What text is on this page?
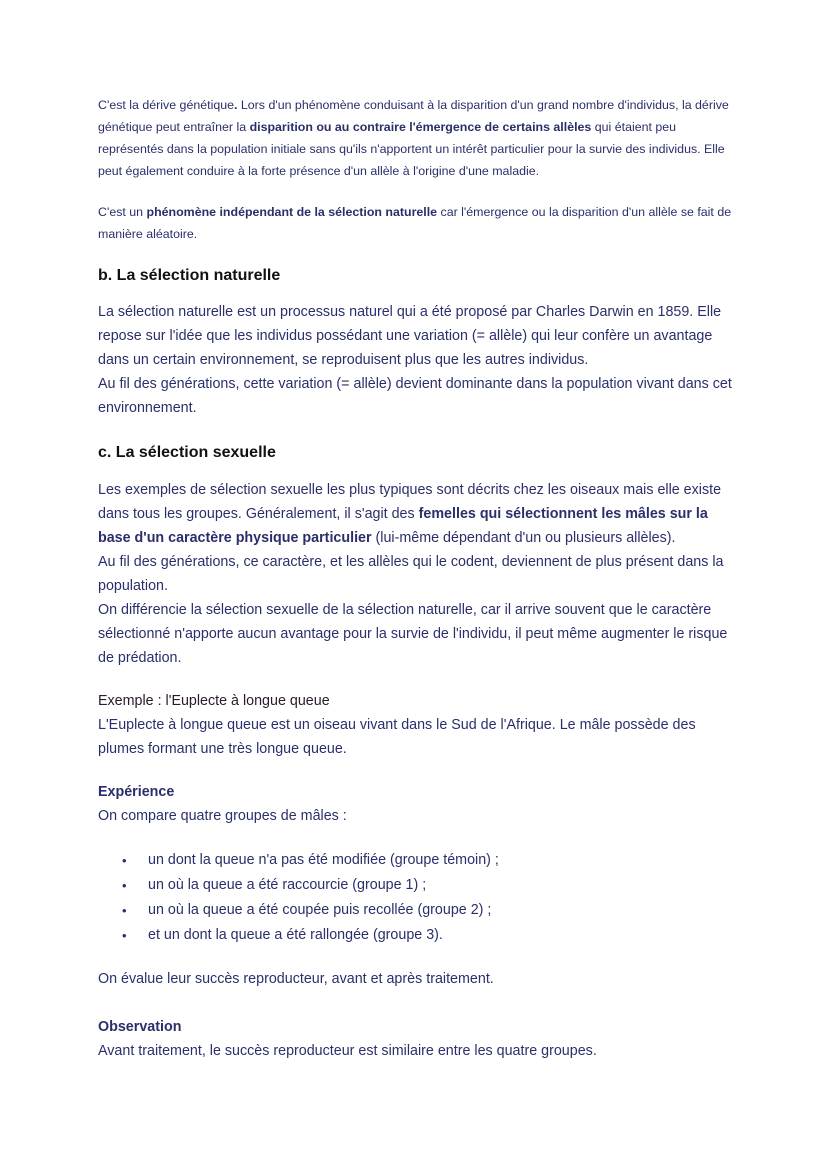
C'est la dérive génétique. Lors d'un phénomène conduisant à la disparition d'un grand nombre d'individus, la dérive génétique peut entraîner la disparition ou au contraire l'émergence de certains allèles qui étaient peu représentés dans la population initiale sans qu'ils n'apportent un intérêt particulier pour la survie des individus. Elle peut également conduire à la forte présence d'un allèle à l'origine d'une maladie.

C'est un phénomène indépendant de la sélection naturelle car l'émergence ou la disparition d'un allèle se fait de manière aléatoire.

b. La sélection naturelle

La sélection naturelle est un processus naturel qui a été proposé par Charles Darwin en 1859. Elle repose sur l'idée que les individus possédant une variation (= allèle) qui leur confère un avantage dans un certain environnement, se reproduisent plus que les autres individus.

Au fil des générations, cette variation (= allèle) devient dominante dans la population vivant dans cet environnement.

c. La sélection sexuelle

Les exemples de sélection sexuelle les plus typiques sont décrits chez les oiseaux mais elle existe dans tous les groupes. Généralement, il s'agit des femelles qui sélectionnent les mâles sur la base d'un caractère physique particulier (lui-même dépendant d'un ou plusieurs allèles).

Au fil des générations, ce caractère, et les allèles qui le codent, deviennent de plus présent dans la population.

On différencie la sélection sexuelle de la sélection naturelle, car il arrive souvent que le caractère sélectionné n'apporte aucun avantage pour la survie de l'individu, il peut même augmenter le risque de prédation.

Exemple : l'Euplecte à longue queue

L'Euplecte à longue queue est un oiseau vivant dans le Sud de l'Afrique. Le mâle possède des plumes formant une très longue queue.

Expérience

On compare quatre groupes de mâles :

• un dont la queue n'a pas été modifiée (groupe témoin) ;
• un où la queue a été raccourcie (groupe 1) ;
• un où la queue a été coupée puis recollée (groupe 2) ;
• et un dont la queue a été rallongée (groupe 3).

On évalue leur succès reproducteur, avant et après traitement.

Observation

Avant traitement, le succès reproducteur est similaire entre les quatre groupes.
